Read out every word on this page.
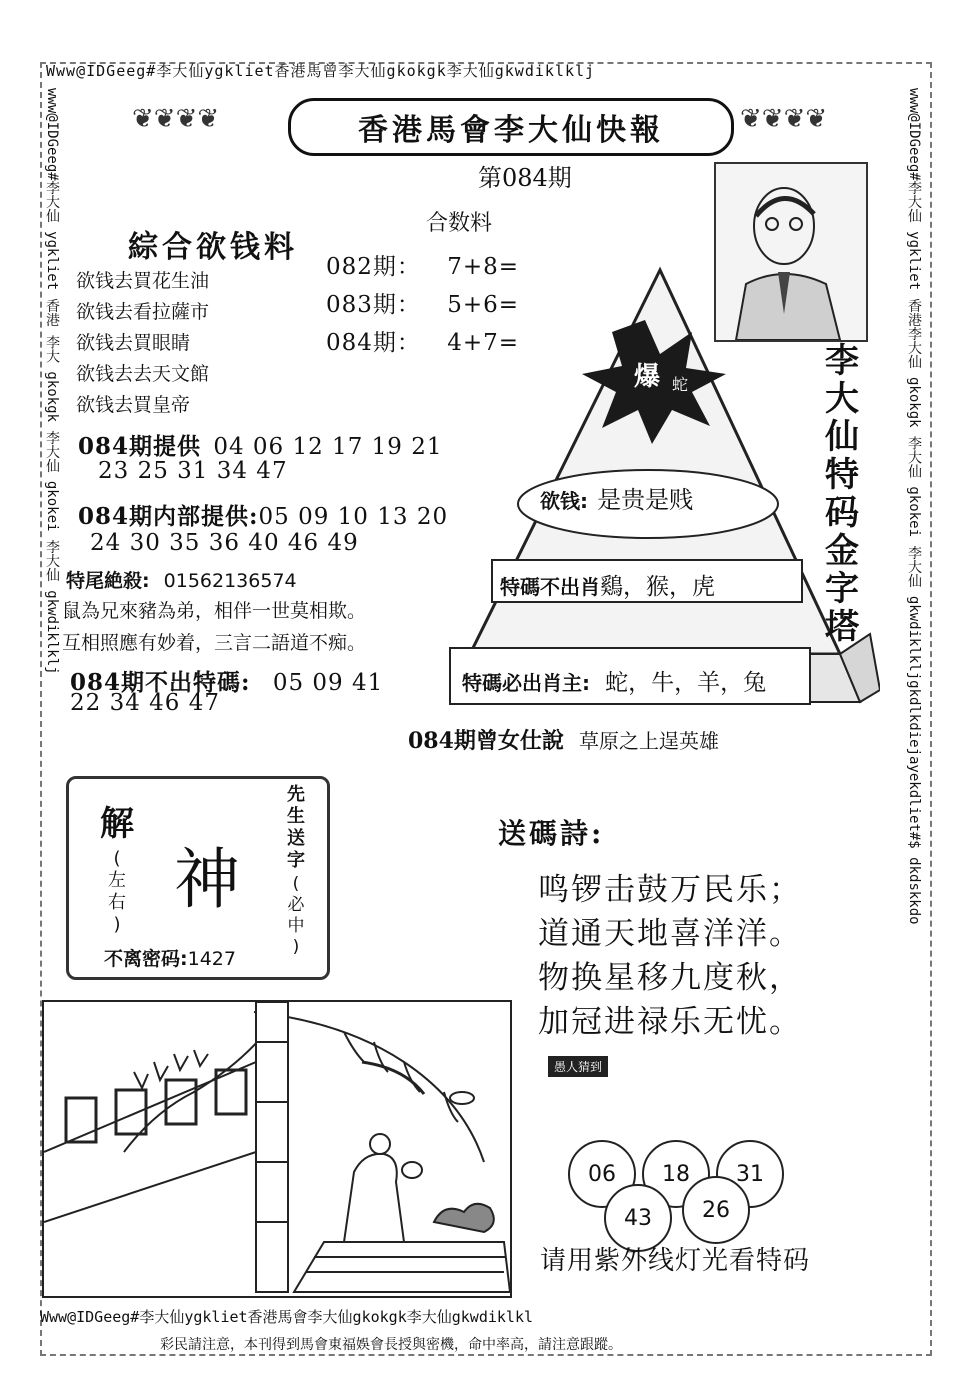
Www@IDGeeg#李大仙ygkliet香港馬曾李大仙gkokgk李大仙gkwdiklklj
www@IDGeeg#李大仙 ygkliet 香港 李大 gkokgk 李大仙 gkokei 李大仙 gkwdiklklj	www@IDGeeg#李大仙 ygkliet 香港李大仙 gkokgk 李大仙 gkokei 李大仙 gkwdiklkljgkdlkdiejayekdliet#$ dkdskkdo
Www@IDGeeg#李大仙ygkliet香港馬會李大仙gkokgk李大仙gkwdiklkl
彩民請注意，本刊得到馬會東福娛會長授與密機，命中率高，請注意跟蹤。
❦❦❦❦	❦❦❦❦
香港馬會李大仙快報
第084期
合数料
082期： 7+8=
083期： 5+6=
084期： 4+7=
綜合欲钱料
欲钱去買花生油
欲钱去看拉薩市
欲钱去買眼睛
欲钱去去天文館
欲钱去買皇帝
084期提供 04 06 12 17 19 21
23 25 31 34 47
084期内部提供:05 09 10 13 20
24 30 35 36 40 46 49
特尾絶殺: 01562136574
鼠為兄來豬為弟，相伴一世莫相欺。
互相照應有妙着，三言二語道不痴。
084期不出特碼: 05 09 41
22 34 46 47
爆 蛇
李大仙特码金字塔
欲钱: 是贵是贱
特碼不出肖鷄，猴，虎
特碼必出肖主: 蛇，牛，羊，兔
084期曾女仕說 草原之上逞英雄
解
(
左右
)
神
先生送字
(
必中
)
不离密码:1427
送碼詩:
鸣锣击鼓万民乐；
道通天地喜洋洋。
物换星移九度秋，
加冠进禄乐无忧。
愚人猜到
06 18 31
43 26
请用紫外线灯光看特码
